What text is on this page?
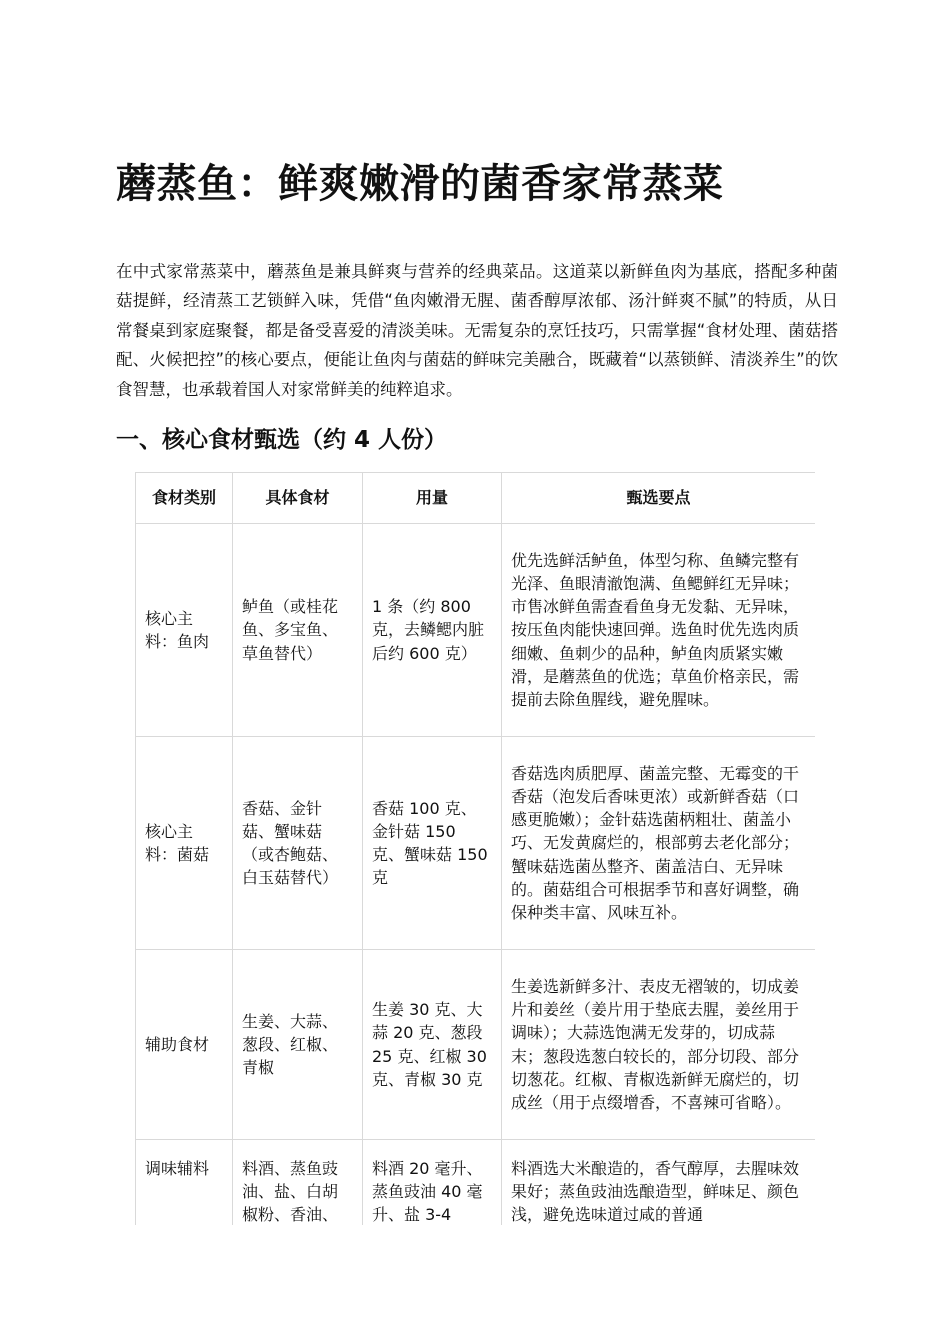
蘑蒸鱼：鲜爽嫩滑的菌香家常蒸菜

在中式家常蒸菜中，蘑蒸鱼是兼具鲜爽与营养的经典菜品。这道菜以新鲜鱼肉为基底，搭配多种菌菇提鲜，经清蒸工艺锁鲜入味，凭借“鱼肉嫩滑无腥、菌香醇厚浓郁、汤汁鲜爽不腻”的特质，从日常餐桌到家庭聚餐，都是备受喜爱的清淡美味。无需复杂的烹饪技巧，只需掌握“食材处理、菌菇搭配、火候把控”的核心要点，便能让鱼肉与菌菇的鲜味完美融合，既藏着“以蒸锁鲜、清淡养生”的饮食智慧，也承载着国人对家常鲜美的纯粹追求。

一、核心食材甄选（约 4 人份）
食材类别	具体食材	用量	甄选要点
核心主料：鱼肉	鲈鱼（或桂花鱼、多宝鱼、草鱼替代）	1 条（约 800 克，去鳞鳃内脏后约 600 克）	优先选鲜活鲈鱼，体型匀称、鱼鳞完整有光泽、鱼眼清澈饱满、鱼鳃鲜红无异味；市售冰鲜鱼需查看鱼身无发黏、无异味，按压鱼肉能快速回弹。选鱼时优先选肉质细嫩、鱼刺少的品种，鲈鱼肉质紧实嫩滑，是蘑蒸鱼的优选；草鱼价格亲民，需提前去除鱼腥线，避免腥味。
核心主料：菌菇	香菇、金针菇、蟹味菇（或杏鲍菇、白玉菇替代）	香菇 100 克、金针菇 150 克、蟹味菇 150 克	香菇选肉质肥厚、菌盖完整、无霉变的干香菇（泡发后香味更浓）或新鲜香菇（口感更脆嫩）；金针菇选菌柄粗壮、菌盖小巧、无发黄腐烂的，根部剪去老化部分；蟹味菇选菌丛整齐、菌盖洁白、无异味的。菌菇组合可根据季节和喜好调整，确保种类丰富、风味互补。
辅助食材	生姜、大蒜、葱段、红椒、青椒	生姜 30 克、大蒜 20 克、葱段 25 克、红椒 30 克、青椒 30 克	生姜选新鲜多汁、表皮无褶皱的，切成姜片和姜丝（姜片用于垫底去腥，姜丝用于调味）；大蒜选饱满无发芽的，切成蒜末；葱段选葱白较长的，部分切段、部分切葱花。红椒、青椒选新鲜无腐烂的，切成丝（用于点缀增香，不喜辣可省略）。
调味辅料	料酒、蒸鱼豉油、盐、白胡椒粉、香油、	料酒 20 毫升、蒸鱼豉油 40 毫升、盐 3-4	料酒选大米酿造的，香气醇厚，去腥味效果好；蒸鱼豉油选酿造型，鲜味足、颜色浅，避免选味道过咸的普通
